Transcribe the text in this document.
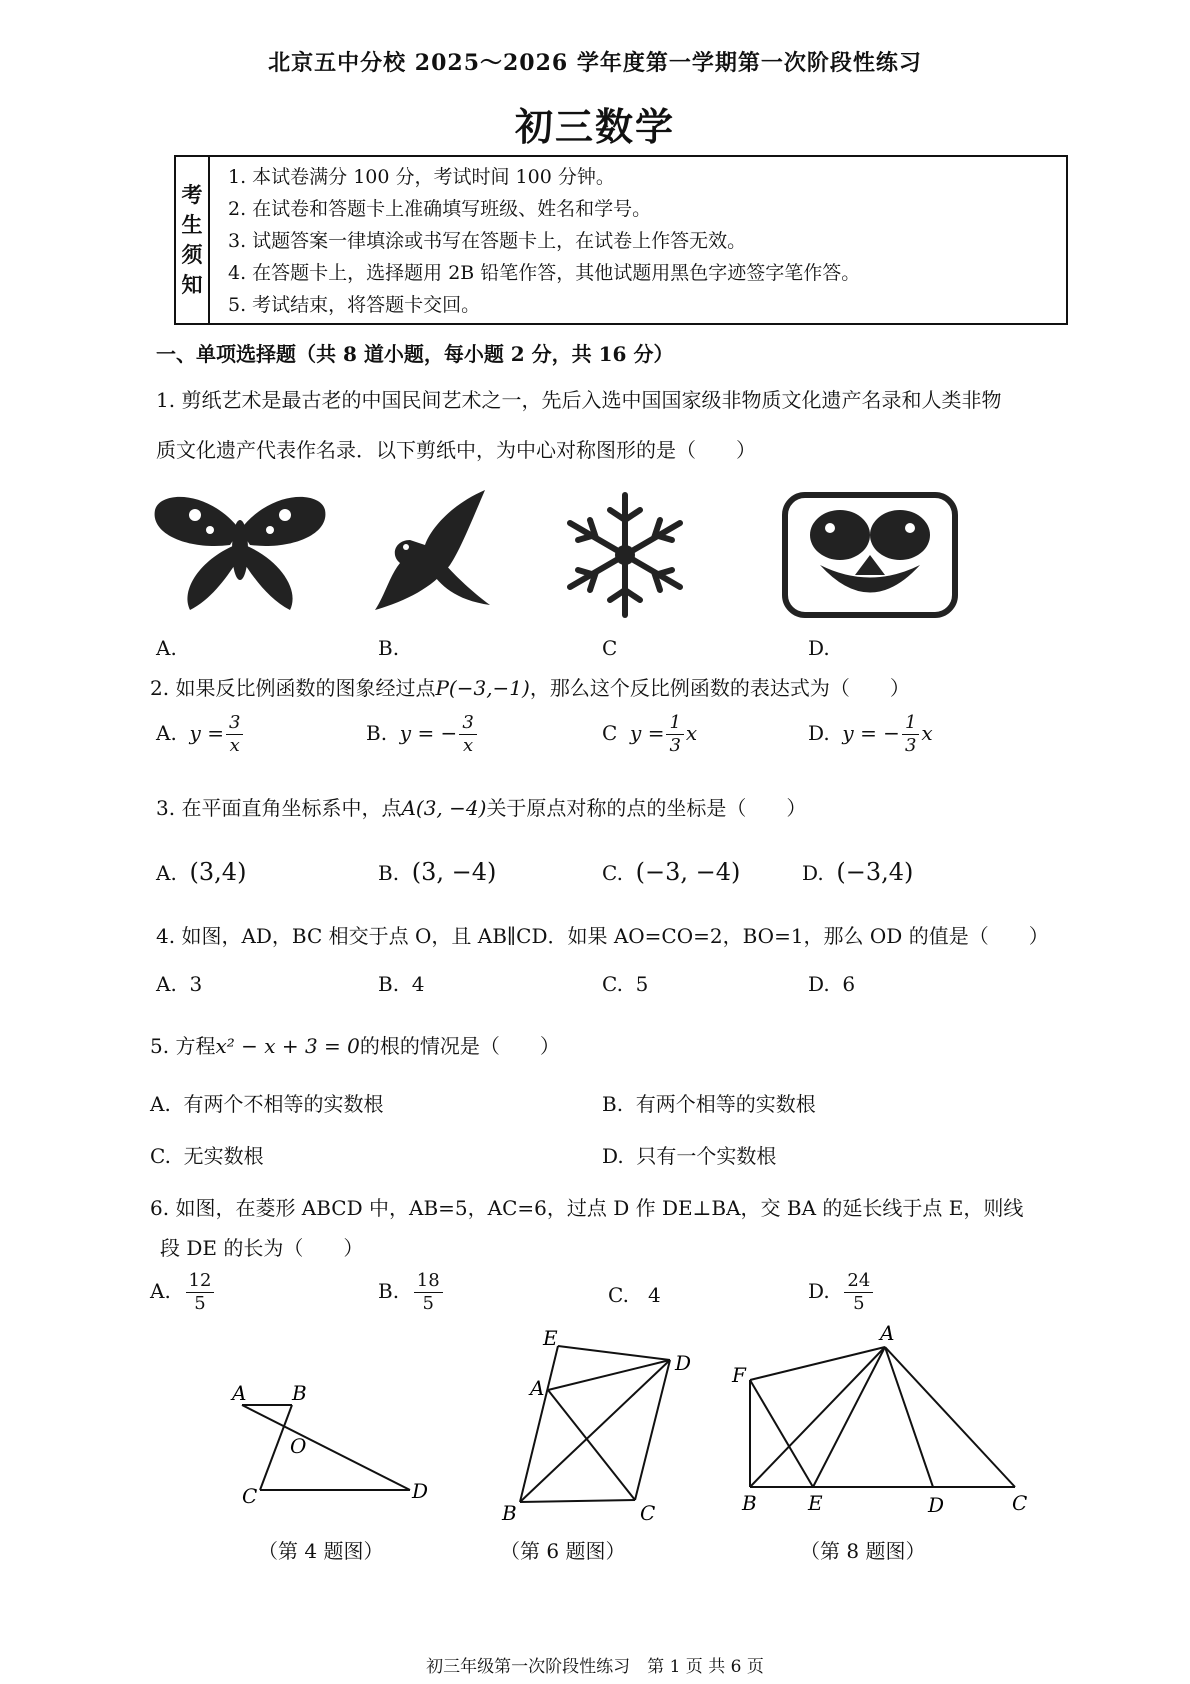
北京五中分校 2025～2026 学年度第一学期第一次阶段性练习
初三数学
考
生
须
知
1. 本试卷满分 100 分，考试时间 100 分钟。
2. 在试卷和答题卡上准确填写班级、姓名和学号。
3. 试题答案一律填涂或书写在答题卡上，在试卷上作答无效。
4. 在答题卡上，选择题用 2B 铅笔作答，其他试题用黑色字迹签字笔作答。
5. 考试结束，将答题卡交回。
一、单项选择题（共 8 道小题，每小题 2 分，共 16 分）
1. 剪纸艺术是最古老的中国民间艺术之一，先后入选中国国家级非物质文化遗产名录和人类非物
质文化遗产代表作名录．以下剪纸中，为中心对称图形的是（　　）
A.	B.	C	D.
2. 如果反比例函数的图象经过点P(−3,−1)，那么这个反比例函数的表达式为（　　）
A. $y = \frac{3}{x}$	B. y = − $\frac{3}{x}$	C $y = \frac{1}{3}$ x	D. y = − $\frac{1}{3}$ x
3. 在平面直角坐标系中，点A(3, −4)关于原点对称的点的坐标是（　　）
A. (3,4)	B. (3, −4)	C. (−3, −4)	D. (−3,4)
4. 如图，AD，BC 相交于点 O，且 AB∥CD．如果 AO=CO=2，BO=1，那么 OD 的值是（　　）
A. 3	B. 4	C. 5	D. 6
5. 方程x² − x + 3 = 0的根的情况是（　　）
A. 有两个不相等的实数根	B. 有两个相等的实数根
C. 无实数根	D. 只有一个实数根
6. 如图，在菱形 ABCD 中，AB=5，AC=6，过点 D 作 DE⊥BA，交 BA 的延长线于点 E，则线
段 DE 的长为（　　）
A. $\frac{12}{5}$	B. $\frac{18}{5}$	C. 4	D. $\frac{24}{5}$
A B
O
C	D
（第 4 题图）
E
A
D
B	C
（第 6 题图）
A
F
B	E	D	C
（第 8 题图）
初三年级第一次阶段性练习　第 1 页 共 6 页
